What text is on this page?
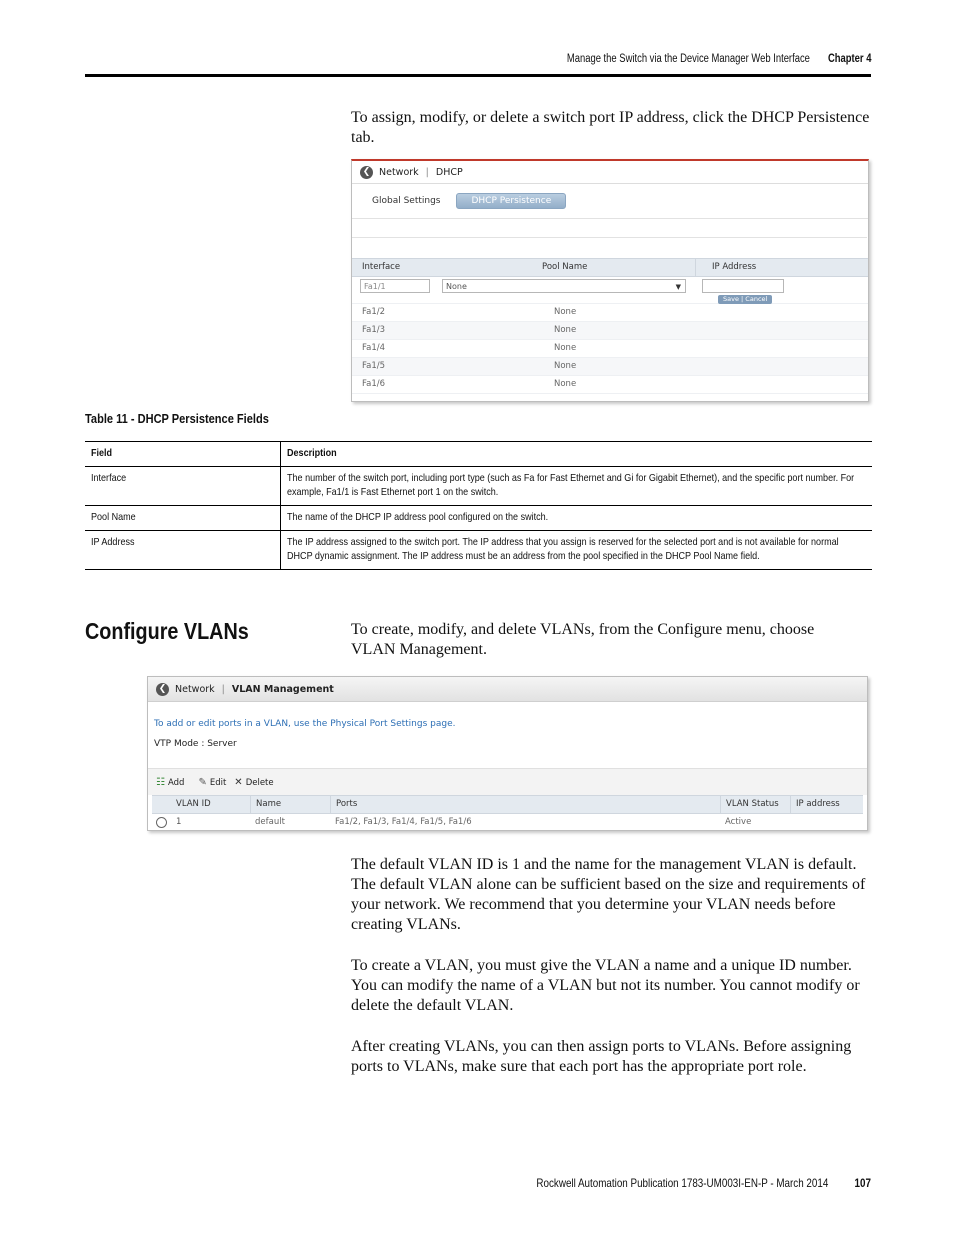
Manage the Switch via the Device Manager Web Interface Chapter 4
To assign, modify, or delete a switch port IP address, click the DHCP Persistence tab.
❮ Network | DHCP
Global Settings	DHCP Persistence
Interface	Pool Name	IP Address
Fa1/1	None	▼
Save | Cancel
Fa1/2	None
Fa1/3	None
Fa1/4	None
Fa1/5	None
Fa1/6	None
Table 11 - DHCP Persistence Fields
Field	Description
Interface	The number of the switch port, including port type (such as Fa for Fast Ethernet and Gi for Gigabit Ethernet), and the specific port number. For example, Fa1/1 is Fast Ethernet port 1 on the switch.
Pool Name	The name of the DHCP IP address pool configured on the switch.
IP Address	The IP address assigned to the switch port. The IP address that you assign is reserved for the selected port and is not available for normal DHCP dynamic assignment. The IP address must be an address from the pool specified in the DHCP Pool Name field.
Configure VLANs	To create, modify, and delete VLANs, from the Configure menu, choose VLAN Management.
❮ Network | VLAN Management
To add or edit ports in a VLAN, use the Physical Port Settings page.
VTP Mode : Server
☷ Add ✎ Edit ✕ Delete
VLAN ID	Name	Ports	VLAN Status	IP address
1	default	Fa1/2, Fa1/3, Fa1/4, Fa1/5, Fa1/6	Active
The default VLAN ID is 1 and the name for the management VLAN is default. The default VLAN alone can be sufficient based on the size and requirements of your network. We recommend that you determine your VLAN needs before creating VLANs.
To create a VLAN, you must give the VLAN a name and a unique ID number. You can modify the name of a VLAN but not its number. You cannot modify or delete the default VLAN.
After creating VLANs, you can then assign ports to VLANs. Before assigning ports to VLANs, make sure that each port has the appropriate port role.
Rockwell Automation Publication 1783-UM003I-EN-P - March 2014 107
